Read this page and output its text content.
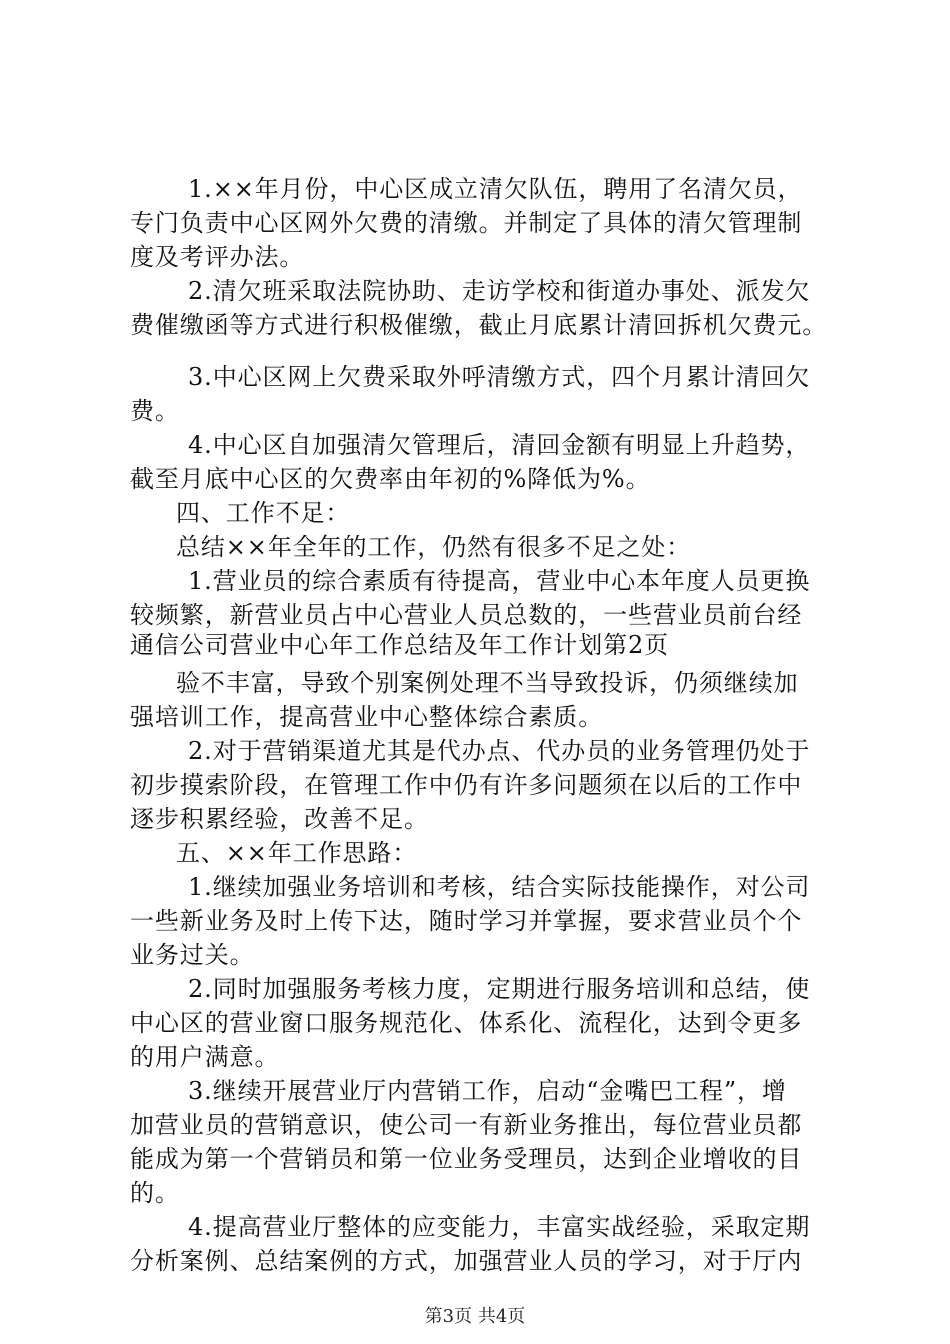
1.××年月份，中心区成立清欠队伍，聘用了名清欠员，

专门负责中心区网外欠费的清缴。并制定了具体的清欠管理制

度及考评办法。

2.清欠班采取法院协助、走访学校和街道办事处、派发欠

费催缴函等方式进行积极催缴，截止月底累计清回拆机欠费元。

3.中心区网上欠费采取外呼清缴方式，四个月累计清回欠

费。

4.中心区自加强清欠管理后，清回金额有明显上升趋势，

截至月底中心区的欠费率由年初的%降低为%。

四、工作不足：

总结××年全年的工作，仍然有很多不足之处：

1.营业员的综合素质有待提高，营业中心本年度人员更换

较频繁，新营业员占中心营业人员总数的，一些营业员前台经

通信公司营业中心年工作总结及年工作计划第2页

验不丰富，导致个别案例处理不当导致投诉，仍须继续加

强培训工作，提高营业中心整体综合素质。

2.对于营销渠道尤其是代办点、代办员的业务管理仍处于

初步摸索阶段，在管理工作中仍有许多问题须在以后的工作中

逐步积累经验，改善不足。

五、××年工作思路：

1.继续加强业务培训和考核，结合实际技能操作，对公司

一些新业务及时上传下达，随时学习并掌握，要求营业员个个

业务过关。

2.同时加强服务考核力度，定期进行服务培训和总结，使

中心区的营业窗口服务规范化、体系化、流程化，达到令更多

的用户满意。

3.继续开展营业厅内营销工作，启动“金嘴巴工程”，增

加营业员的营销意识，使公司一有新业务推出，每位营业员都

能成为第一个营销员和第一位业务受理员，达到企业增收的目

的。

4.提高营业厅整体的应变能力，丰富实战经验，采取定期

分析案例、总结案例的方式，加强营业人员的学习，对于厅内

第3页 共4页
